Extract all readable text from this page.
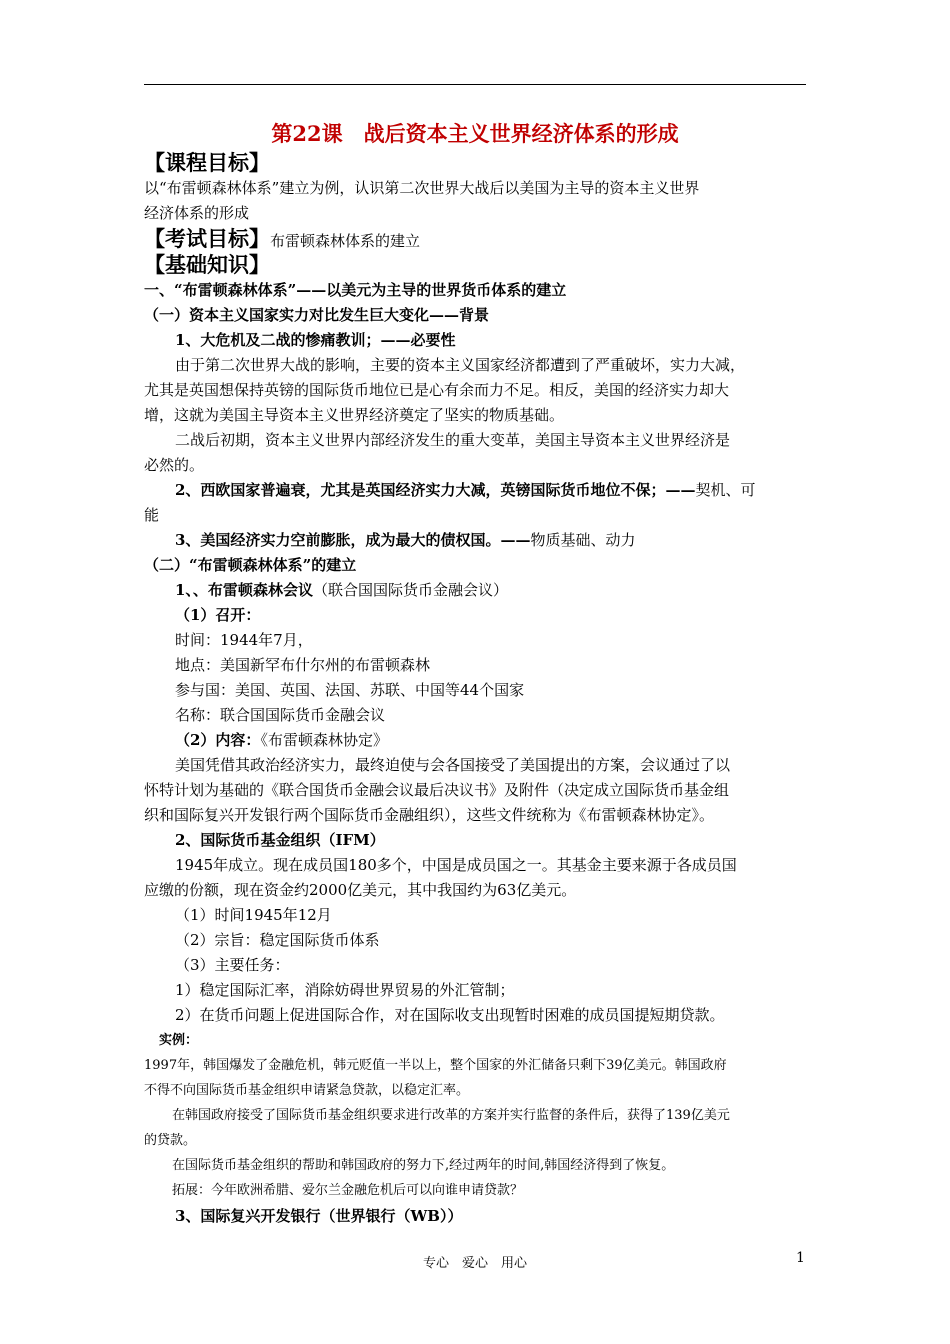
第22课　战后资本主义世界经济体系的形成
【课程目标】
以“布雷顿森林体系”建立为例，认识第二次世界大战后以美国为主导的资本主义世界
经济体系的形成
【考试目标】布雷顿森林体系的建立
【基础知识】
一、“布雷顿森林体系”——以美元为主导的世界货币体系的建立
（一）资本主义国家实力对比发生巨大变化——背景
1、大危机及二战的惨痛教训；——必要性
由于第二次世界大战的影响，主要的资本主义国家经济都遭到了严重破坏，实力大减，
尤其是英国想保持英镑的国际货币地位已是心有余而力不足。相反，美国的经济实力却大
增，这就为美国主导资本主义世界经济奠定了坚实的物质基础。
二战后初期，资本主义世界内部经济发生的重大变革，美国主导资本主义世界经济是
必然的。
2、西欧国家普遍衰，尤其是英国经济实力大减，英镑国际货币地位不保；——契机、可
能
3、美国经济实力空前膨胀，成为最大的债权国。——物质基础、动力
（二）“布雷顿森林体系”的建立
1、、布雷顿森林会议（联合国国际货币金融会议）
（1）召开：
时间：1944年7月，
地点：美国新罕布什尔州的布雷顿森林
参与国：美国、英国、法国、苏联、中国等44个国家
名称：联合国国际货币金融会议
（2）内容：《布雷顿森林协定》
美国凭借其政治经济实力，最终迫使与会各国接受了美国提出的方案，会议通过了以
怀特计划为基础的《联合国货币金融会议最后决议书》及附件（决定成立国际货币基金组
织和国际复兴开发银行两个国际货币金融组织），这些文件统称为《布雷顿森林协定》。
2、国际货币基金组织（IFM）
1945年成立。现在成员国180多个，中国是成员国之一。其基金主要来源于各成员国
应缴的份额，现在资金约2000亿美元，其中我国约为63亿美元。
（1）时间1945年12月
（2）宗旨：稳定国际货币体系
（3）主要任务：
1）稳定国际汇率，消除妨碍世界贸易的外汇管制；
2）在货币问题上促进国际合作，对在国际收支出现暂时困难的成员国提短期贷款。
实例：
1997年，韩国爆发了金融危机，韩元贬值一半以上，整个国家的外汇储备只剩下39亿美元。韩国政府
不得不向国际货币基金组织申请紧急贷款，以稳定汇率。
在韩国政府接受了国际货币基金组织要求进行改革的方案并实行监督的条件后，获得了139亿美元
的贷款。
在国际货币基金组织的帮助和韩国政府的努力下,经过两年的时间,韩国经济得到了恢复。
拓展：今年欧洲希腊、爱尔兰金融危机后可以向谁申请贷款？
3、国际复兴开发银行（世界银行（WB））
专心　爱心　用心	1
